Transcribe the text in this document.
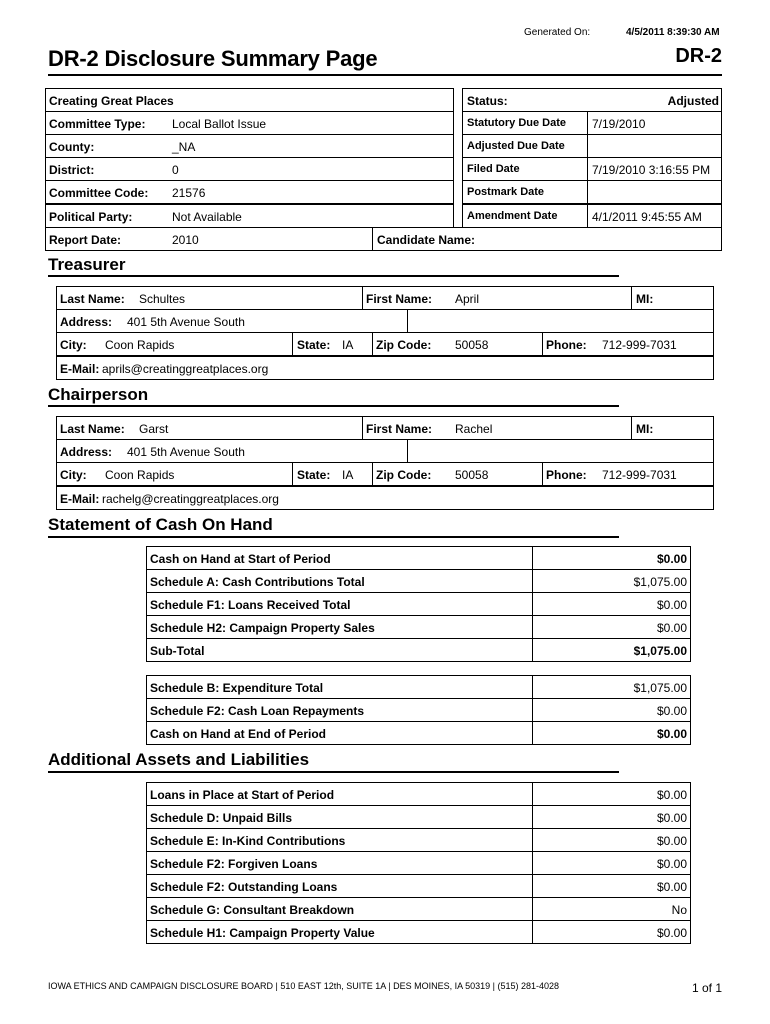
Generated On:	4/5/2011 8:39:30 AM
DR-2 Disclosure Summary Page	DR-2
Creating Great Places
Committee Type: Local Ballot Issue
County:	_NA
District:	0
Committee Code: 21576
Political Party:	Not Available
Report Date:	2010	Candidate Name:
Status:	Adjusted
Statutory Due Date 7/19/2010
Adjusted Due Date
Filed Date	7/19/2010 3:16:55 PM
Postmark Date
Amendment Date	4/1/2011 9:45:55 AM
Treasurer
Last Name: Schultes	First Name: April	MI:
Address: 401 5th Avenue South
City: Coon Rapids	State: IA Zip Code: 50058	Phone: 712-999-7031
E-Mail: aprils@creatinggreatplaces.org
Chairperson
Last Name: Garst	First Name: Rachel	MI:
Address: 401 5th Avenue South
City: Coon Rapids	State: IA Zip Code: 50058	Phone: 712-999-7031
E-Mail: rachelg@creatinggreatplaces.org
Statement of Cash On Hand
Cash on Hand at Start of Period	$0.00
Schedule A: Cash Contributions Total	$1,075.00
Schedule F1: Loans Received Total	$0.00
Schedule H2: Campaign Property Sales	$0.00
Sub-Total	$1,075.00
Schedule B: Expenditure Total	$1,075.00
Schedule F2: Cash Loan Repayments	$0.00
Cash on Hand at End of Period	$0.00
Additional Assets and Liabilities
Loans in Place at Start of Period	$0.00
Schedule D: Unpaid Bills	$0.00
Schedule E: In-Kind Contributions	$0.00
Schedule F2: Forgiven Loans	$0.00
Schedule F2: Outstanding Loans	$0.00
Schedule G: Consultant Breakdown	No
Schedule H1: Campaign Property Value	$0.00
IOWA ETHICS AND CAMPAIGN DISCLOSURE BOARD | 510 EAST 12th, SUITE 1A | DES MOINES, IA 50319 | (515) 281-4028	1 of 1
